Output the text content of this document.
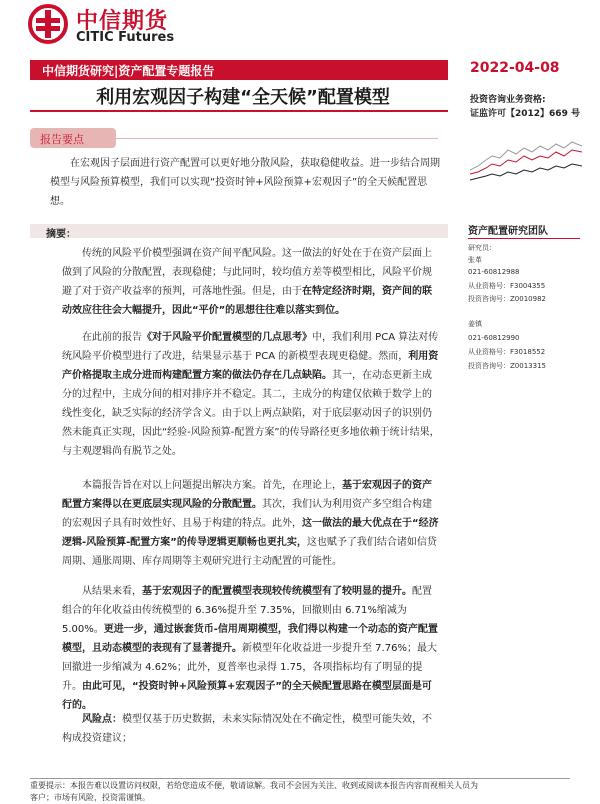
中信期货
CITIC Futures
中信期货研究|资产配置专题报告	2022-04-08
利用宏观因子构建“全天候”配置模型	投资咨询业务资格:
证监许可【2012】669 号
报告要点

在宏观因子层面进行资产配置可以更好地分散风险，获取稳健收益。进一步结合周期模型与风险预算模型，我们可以实现“投资时钟+风险预算+宏观因子”的全天候配置思想。

摘要：

传统的风险平价模型强调在资产间平配风险。这一做法的好处在于在资产层面上做到了风险的分散配置，表现稳健；与此同时，较均值方差等模型相比，风险平价规避了对于资产收益率的预判，可落地性强。但是，由于在特定经济时期，资产间的联动效应往往会大幅提升，因此“平价”的思想往往难以落实到位。

在此前的报告《对于风险平价配置模型的几点思考》中，我们利用 PCA 算法对传统风险平价模型进行了改进，结果显示基于 PCA 的新模型表现更稳健。然而，利用资产价格提取主成分进而构建配置方案的做法仍存在几点缺陷。其一，在动态更新主成分的过程中，主成分间的相对排序并不稳定。其二，主成分的构建仅依赖于数学上的线性变化，缺乏实际的经济学含义。由于以上两点缺陷，对于底层驱动因子的识别仍然未能真正实现，因此“经验-风险预算-配置方案”的传导路径更多地依赖于统计结果，与主观逻辑尚有脱节之处。

本篇报告旨在对以上问题提出解决方案。首先，在理论上，基于宏观因子的资产配置方案得以在更底层实现风险的分散配置。其次，我们认为利用资产多空组合构建的宏观因子具有时效性好、且易于构建的特点。此外，这一做法的最大优点在于“经济逻辑-风险预算-配置方案”的传导逻辑更顺畅也更扎实，这也赋予了我们结合诸如信贷周期、通胀周期、库存周期等主观研究进行主动配置的可能性。

从结果来看，基于宏观因子的配置模型表现较传统模型有了较明显的提升。配置组合的年化收益由传统模型的 6.36%提升至 7.35%，回撤则由 6.71%缩减为 5.00%。更进一步，通过嵌套货币-信用周期模型，我们得以构建一个动态的资产配置模型，且动态模型的表现有了显著提升。新模型年化收益进一步提升至 7.76%；最大回撤进一步缩减为 4.62%；此外，夏普率也录得 1.75，各项指标均有了明显的提升。由此可见，“投资时钟+风险预算+宏观因子”的全天候配置思路在模型层面是可行的。

风险点：模型仅基于历史数据，未来实际情况处在不确定性，模型可能失效，不构成投资建议；

资产配置研究团队
研究员：
张革
021-60812988
从业资格号：F3004355
投资咨询号：Z0010982
姜镇
021-60812990
从业资格号：F3018552
投资咨询号：Z0013315
重要提示：本报告难以设置访问权限，若给您造成不便，敬请谅解。我司不会因为关注、收到或阅读本报告内容而视相关人员为
客户；市场有风险，投资需谨慎。
